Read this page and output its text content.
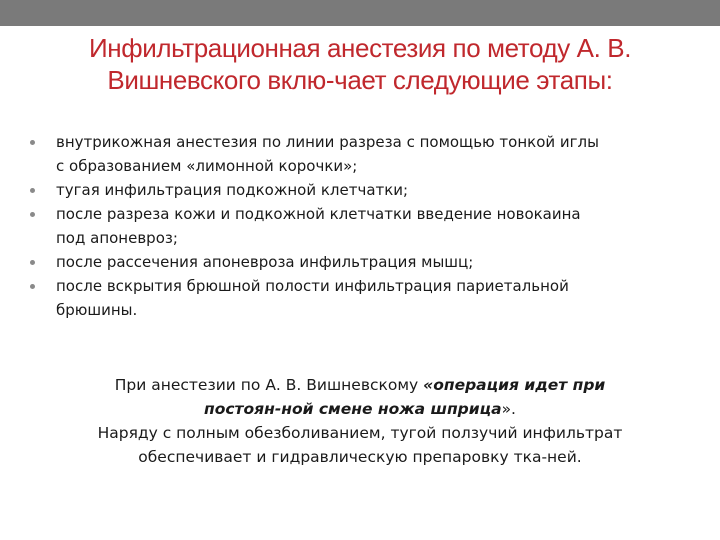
Инфильтрационная анестезия по методу А. В.
Вишневского вклю-чает следующие этапы:
внутрикожная анестезия по линии разреза с помощью тонкой иглы
с образованием «лимонной корочки»;
тугая инфильтрация подкожной клетчатки;
после разреза кожи и подкожной клетчатки введение новокаина
под апоневроз;
после рассечения апоневроза инфильтрация мышц;
после вскрытия брюшной полости инфильтрация париетальной
брюшины.

При анестезии по А. В. Вишневскому «операция идет при
постоян-ной смене ножа шприца».

Наряду с полным обезболиванием, тугой ползучий инфильтрат
обеспечивает и гидравлическую препаровку тка-ней.
